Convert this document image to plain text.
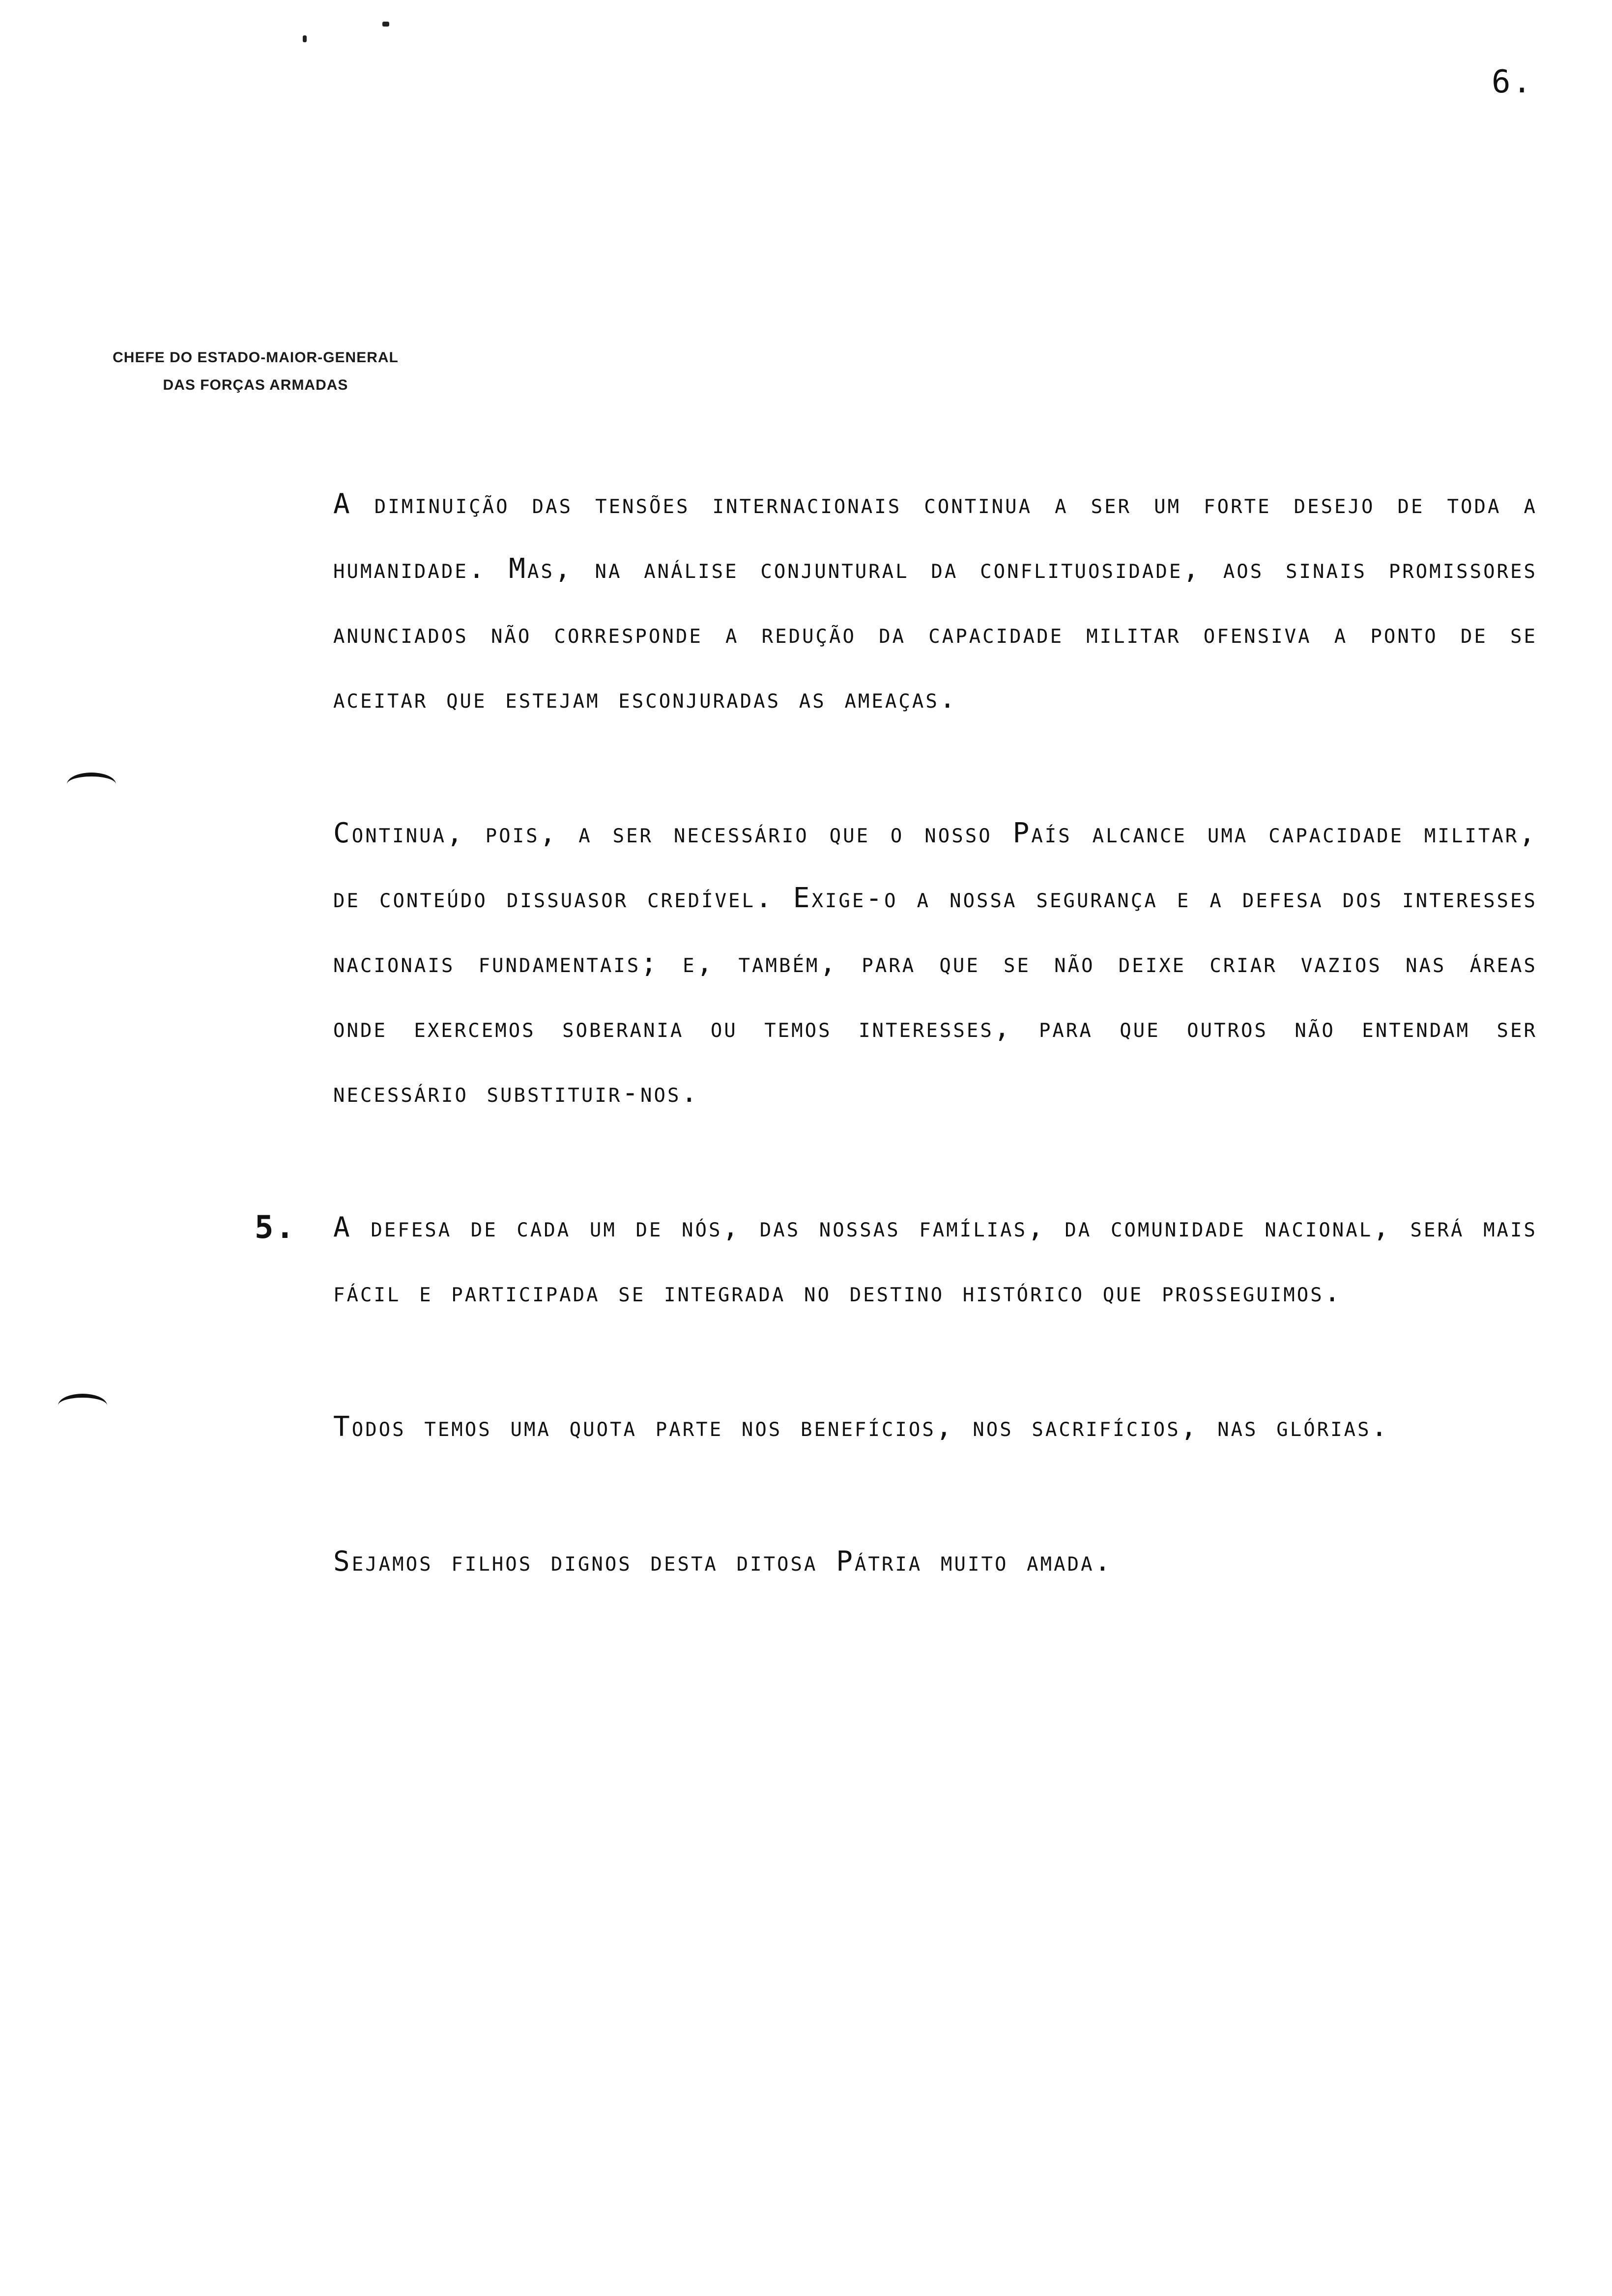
6.
CHEFE DO ESTADO-MAIOR-GENERAL
DAS FORÇAS ARMADAS

A diminuição das tensões internacionais continua a ser um forte desejo de toda a humanidade. Mas, na análise conjuntural da conflituosidade, aos sinais promissores anunciados não corresponde a redução da capacidade militar ofensiva a ponto de se aceitar que estejam esconjuradas as ameaças.

Continua, pois, a ser necessário que o nosso País alcance uma capacidade militar, de conteúdo dissuasor credível. Exige-o a nossa segurança e a defesa dos interesses nacionais fundamentais; e, também, para que se não deixe criar vazios nas áreas onde exercemos soberania ou temos interesses, para que outros não entendam ser necessário substituir-nos.

5. A defesa de cada um de nós, das nossas famílias, da comunidade nacional, será mais fácil e participada se integrada no destino histórico que prosseguimos.

Todos temos uma quota parte nos benefícios, nos sacrifícios, nas glórias.

Sejamos filhos dignos desta ditosa Pátria muito amada.
